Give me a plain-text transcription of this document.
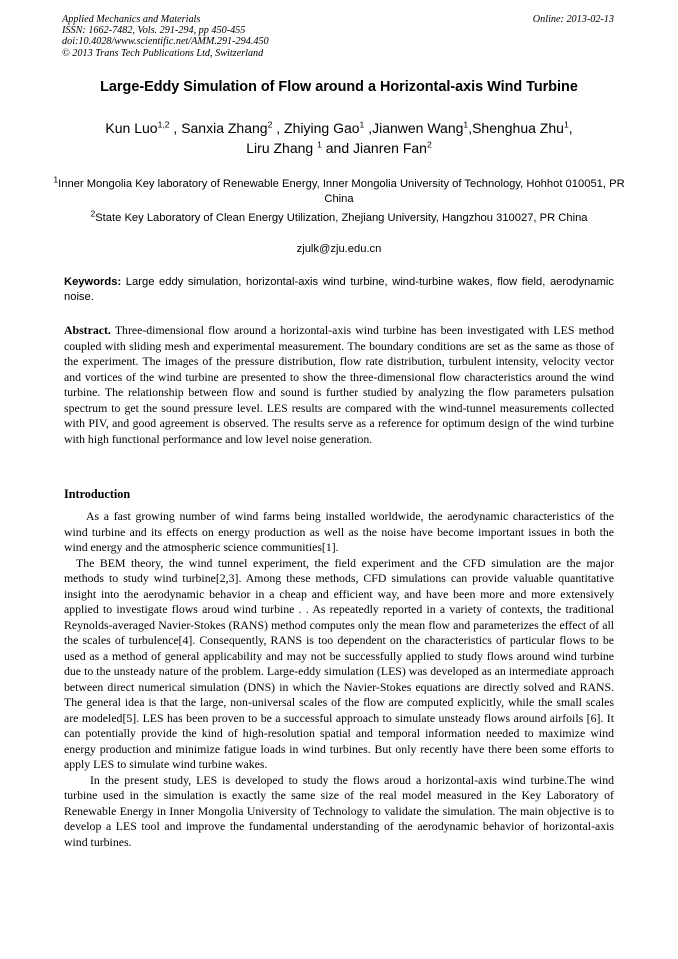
Applied Mechanics and Materials
ISSN: 1662-7482, Vols. 291-294, pp 450-455
doi:10.4028/www.scientific.net/AMM.291-294.450
© 2013 Trans Tech Publications Ltd, Switzerland
Online: 2013-02-13
Large-Eddy Simulation of Flow around a Horizontal-axis Wind Turbine
Kun Luo$^{1,2}$ , Sanxia Zhang$^2$ , Zhiying Gao$^1$ ,Jianwen Wang$^1$,Shenghua Zhu$^1$,
Liru Zhang $^1$ and Jianren Fan$^2$
$^1$Inner Mongolia Key laboratory of Renewable Energy, Inner Mongolia University of Technology, Hohhot 010051, PR China
$^2$State Key Laboratory of Clean Energy Utilization, Zhejiang University, Hangzhou 310027, PR China
zjulk@zju.edu.cn
Keywords: Large eddy simulation, horizontal-axis wind turbine, wind-turbine wakes, flow field, aerodynamic noise.
Abstract. Three-dimensional flow around a horizontal-axis wind turbine has been investigated with LES method coupled with sliding mesh and experimental measurement. The boundary conditions are set as the same as those of the experiment. The images of the pressure distribution, flow rate distribution, turbulent intensity, velocity vector and vortices of the wind turbine are presented to show the three-dimensional flow characteristics around the wind turbine. The relationship between flow and sound is further studied by analyzing the flow parameters pulsation spectrum to get the sound pressure level. LES results are compared with the wind-tunnel measurements collected with PIV, and good agreement is observed. The results serve as a reference for optimum design of the wind turbine with high functional performance and low level noise generation.
Introduction

As a fast growing number of wind farms being installed worldwide, the aerodynamic characteristics of the wind turbine and its effects on energy production as well as the noise have become important issues in both the wind energy and the atmospheric science communities[1].

The BEM theory, the wind tunnel experiment, the field experiment and the CFD simulation are the major methods to study wind turbine[2,3]. Among these methods, CFD simulations can provide valuable quantitative insight into the aerodynamic behavior in a cheap and efficient way, and have been more and more extensively applied to investigate flows aroud wind turbine . . As repeatedly reported in a variety of contexts, the traditional Reynolds-averaged Navier-Stokes (RANS) method computes only the mean flow and parameterizes the effect of all the scales of turbulence[4]. Consequently, RANS is too dependent on the characteristics of particular flows to be used as a method of general applicability and may not be successfully applied to study flows around wind turbine due to the unsteady nature of the problem. Large-eddy simulation (LES) was developed as an intermediate approach between direct numerical simulation (DNS) in which the Navier-Stokes equations are directly solved and RANS. The general idea is that the large, non-universal scales of the flow are computed explicitly, while the small scales are modeled[5]. LES has been proven to be a successful approach to simulate unsteady flows around airfoils [6]. It can potentially provide the kind of high-resolution spatial and temporal information needed to maximize wind energy production and minimize fatigue loads in wind turbines. But only recently have there been some efforts to apply LES to simulate wind turbine wakes.

In the present study, LES is developed to study the flows aroud a horizontal-axis wind turbine.The wind turbine used in the simulation is exactly the same size of the real model measured in the Key Laboratory of Renewable Energy in Inner Mongolia University of Technology to validate the simulation. The main objective is to develop a LES tool and improve the fundamental understanding of the aerodynamic behavior of horizontal-axis wind turbines.
